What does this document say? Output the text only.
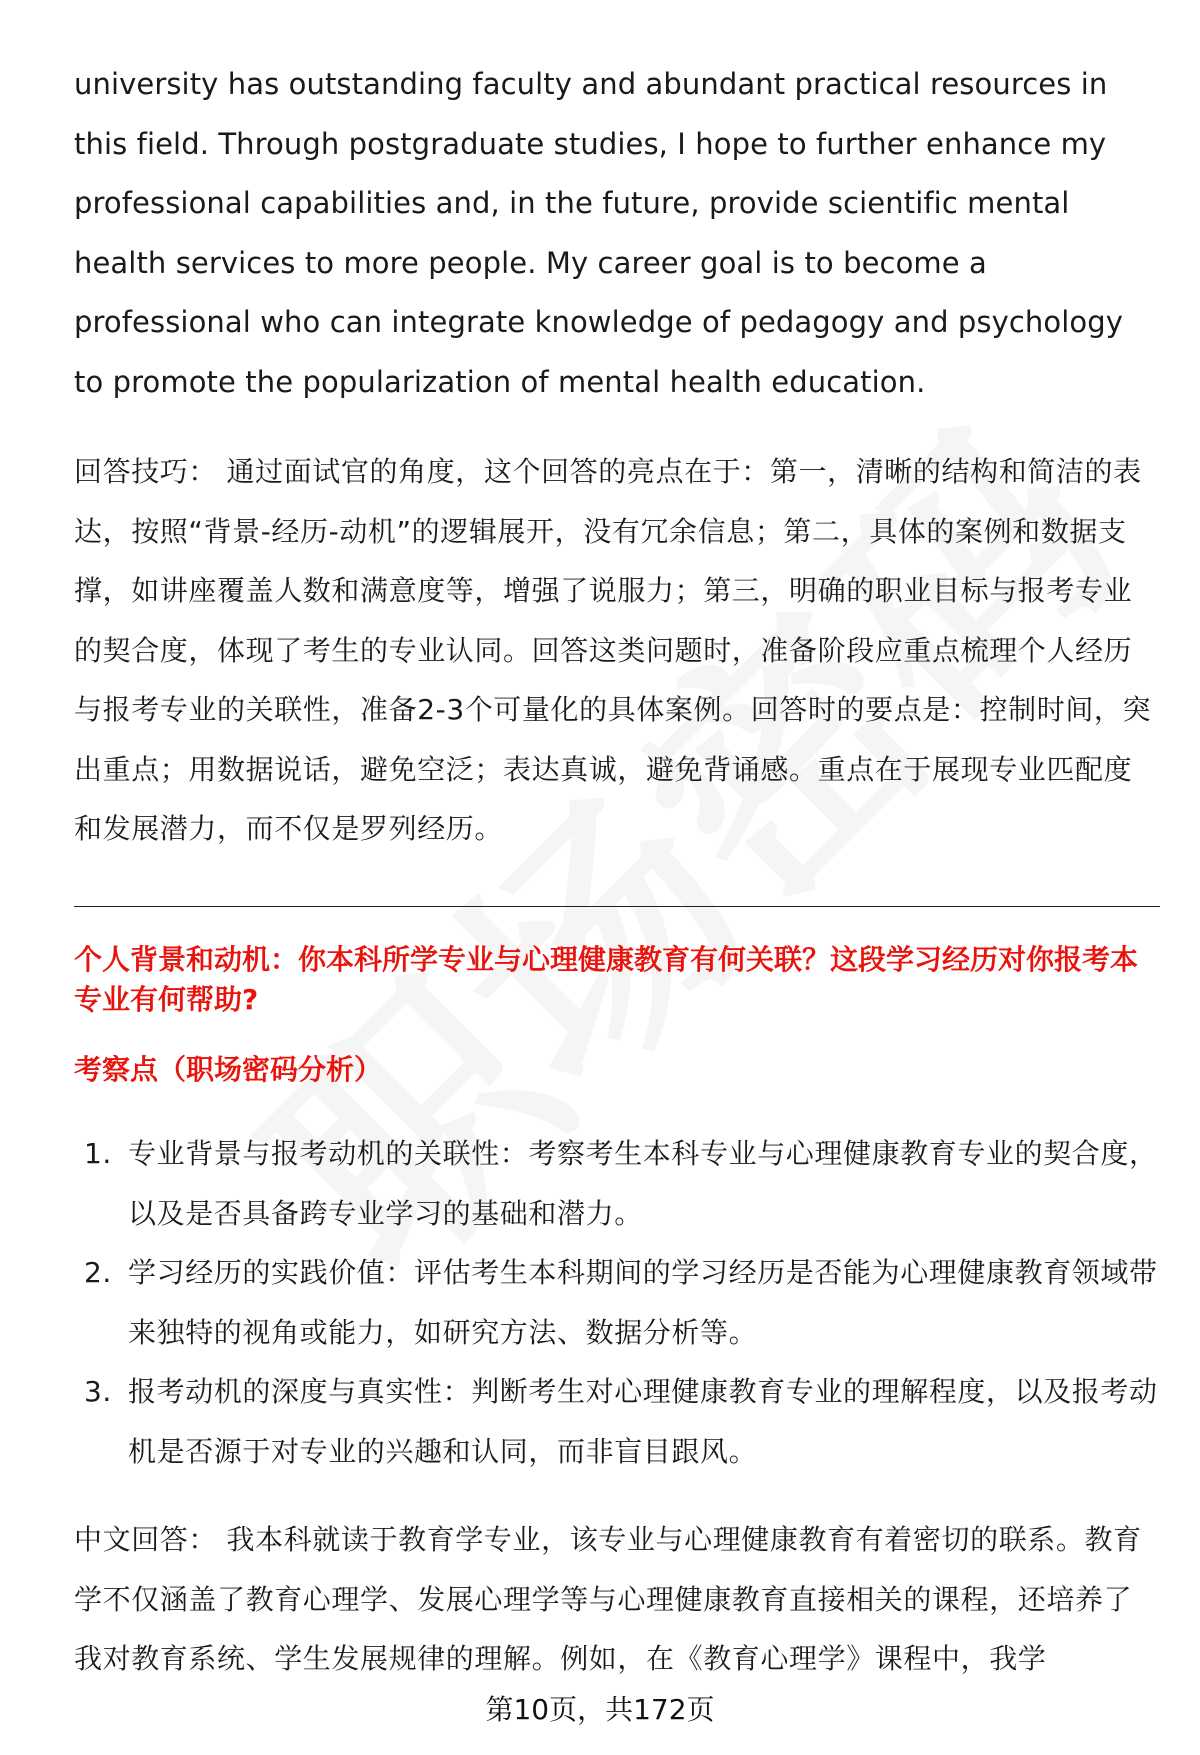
university has outstanding faculty and abundant practical resources in this field. Through postgraduate studies, I hope to further enhance my professional capabilities and, in the future, provide scientific mental health services to more people. My career goal is to become a professional who can integrate knowledge of pedagogy and psychology to promote the popularization of mental health education.

回答技巧： 通过面试官的角度，这个回答的亮点在于：第一，清晰的结构和简洁的表达，按照“背景-经历-动机”的逻辑展开，没有冗余信息；第二，具体的案例和数据支撑，如讲座覆盖人数和满意度等，增强了说服力；第三，明确的职业目标与报考专业的契合度，体现了考生的专业认同。回答这类问题时，准备阶段应重点梳理个人经历与报考专业的关联性，准备2-3个可量化的具体案例。回答时的要点是：控制时间，突出重点；用数据说话，避免空泛；表达真诚，避免背诵感。重点在于展现专业匹配度和发展潜力，而不仅是罗列经历。

个人背景和动机：你本科所学专业与心理健康教育有何关联？这段学习经历对你报考本专业有何帮助?

考察点（职场密码分析）

1. 专业背景与报考动机的关联性：考察考生本科专业与心理健康教育专业的契合度，以及是否具备跨专业学习的基础和潜力。
2. 学习经历的实践价值：评估考生本科期间的学习经历是否能为心理健康教育领域带来独特的视角或能力，如研究方法、数据分析等。
3. 报考动机的深度与真实性：判断考生对心理健康教育专业的理解程度，以及报考动机是否源于对专业的兴趣和认同，而非盲目跟风。

中文回答： 我本科就读于教育学专业，该专业与心理健康教育有着密切的联系。教育学不仅涵盖了教育心理学、发展心理学等与心理健康教育直接相关的课程，还培养了我对教育系统、学生发展规律的理解。例如，在《教育心理学》课程中，我学

第10页，共172页
